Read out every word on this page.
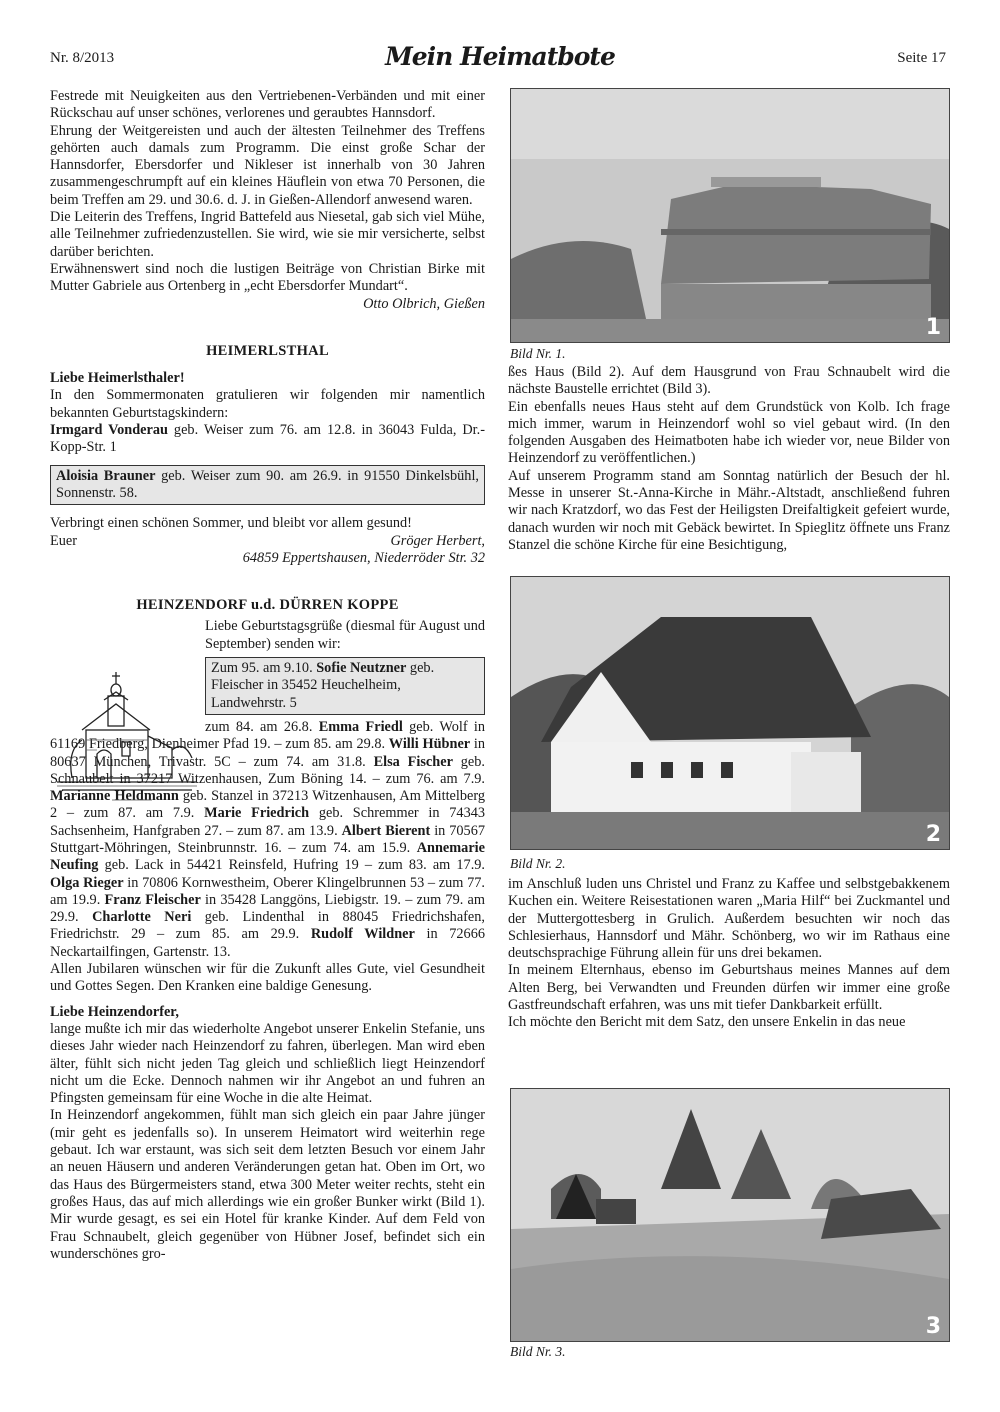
Nr. 8/2013	Mein Heimatbote	Seite 17

Festrede mit Neuigkeiten aus den Vertriebenen-Verbänden und mit einer Rückschau auf unser schönes, verlorenes und geraubtes Hannsdorf.

Ehrung der Weitgereisten und auch der ältesten Teilnehmer des Treffens gehörten auch damals zum Programm. Die einst große Schar der Hannsdorfer, Ebersdorfer und Nikleser ist innerhalb von 30 Jahren zusammengeschrumpft auf ein kleines Häuflein von etwa 70 Personen, die beim Treffen am 29. und 30.6. d. J. in Gießen-Allendorf anwesend waren.

Die Leiterin des Treffens, Ingrid Battefeld aus Niesetal, gab sich viel Mühe, alle Teilnehmer zufriedenzustellen. Sie wird, wie sie mir versicherte, selbst darüber berichten.

Erwähnenswert sind noch die lustigen Beiträge von Christian Birke mit Mutter Gabriele aus Ortenberg in „echt Ebersdorfer Mundart“.

Otto Olbrich, Gießen

HEIMERLSTHAL

Liebe Heimerlsthaler!

In den Sommermonaten gratulieren wir folgenden mir namentlich bekannten Geburtstagskindern:

Irmgard Vonderau geb. Weiser zum 76. am 12.8. in 36043 Fulda, Dr.-Kopp-Str. 1

Aloisia Brauner geb. Weiser zum 90. am 26.9. in 91550 Dinkelsbühl, Sonnenstr. 58.

Verbringt einen schönen Sommer, und bleibt vor allem gesund!

Euer	Gröger Herbert,

64859 Eppertshausen, Niederröder Str. 32

HEINZENDORF u.d. DÜRREN KOPPE

Liebe Geburtstagsgrüße (diesmal für August und September) senden wir:

Zum 95. am 9.10. Sofie Neutzner geb. Fleischer in 35452 Heuchelheim, Landwehrstr. 5

zum 84. am 26.8. Emma Friedl geb. Wolf in 61169 Friedberg, Dienheimer Pfad 19. – zum 85. am 29.8. Willi Hübner in 80637 München, Trivastr. 5C – zum 74. am 31.8. Elsa Fischer geb. Schnaubelt in 37217 Witzenhausen, Zum Böning 14. – zum 76. am 7.9. Marianne Heldmann geb. Stanzel in 37213 Witzenhausen, Am Mittelberg 2 – zum 87. am 7.9. Marie Friedrich geb. Schremmer in 74343 Sachsenheim, Hanfgraben 27. – zum 87. am 13.9. Albert Bierent in 70567 Stuttgart-Möhringen, Steinbrunnstr. 16. – zum 74. am 15.9. Annemarie Neufing geb. Lack in 54421 Reinsfeld, Hufring 19 – zum 83. am 17.9. Olga Rieger in 70806 Kornwestheim, Oberer Klingelbrunnen 53 – zum 77. am 19.9. Franz Fleischer in 35428 Langgöns, Liebigstr. 19. – zum 79. am 29.9. Charlotte Neri geb. Lindenthal in 88045 Friedrichshafen, Friedrichstr. 29 – zum 85. am 29.9. Rudolf Wildner in 72666 Neckartailfingen, Gartenstr. 13.

Allen Jubilaren wünschen wir für die Zukunft alles Gute, viel Gesundheit und Gottes Segen. Den Kranken eine baldige Genesung.

Liebe Heinzendorfer,

lange mußte ich mir das wiederholte Angebot unserer Enkelin Stefanie, uns dieses Jahr wieder nach Heinzendorf zu fahren, überlegen. Man wird eben älter, fühlt sich nicht jeden Tag gleich und schließlich liegt Heinzendorf nicht um die Ecke. Dennoch nahmen wir ihr Angebot an und fuhren an Pfingsten gemeinsam für eine Woche in die alte Heimat.

In Heinzendorf angekommen, fühlt man sich gleich ein paar Jahre jünger (mir geht es jedenfalls so). In unserem Heimatort wird weiterhin rege gebaut. Ich war erstaunt, was sich seit dem letzten Besuch vor einem Jahr an neuen Häusern und anderen Veränderungen getan hat. Oben im Ort, wo das Haus des Bürgermeisters stand, etwa 300 Meter weiter rechts, steht ein großes Haus, das auf mich allerdings wie ein großer Bunker wirkt (Bild 1). Mir wurde gesagt, es sei ein Hotel für kranke Kinder. Auf dem Feld von Frau Schnaubelt, gleich gegenüber von Hübner Josef, befindet sich ein wunderschönes gro-

1
Bild Nr. 1.

ßes Haus (Bild 2). Auf dem Hausgrund von Frau Schnaubelt wird die nächste Baustelle errichtet (Bild 3).

Ein ebenfalls neues Haus steht auf dem Grundstück von Kolb. Ich frage mich immer, warum in Heinzendorf wohl so viel gebaut wird. (In den folgenden Ausgaben des Heimatboten habe ich wieder vor, neue Bilder von Heinzendorf zu veröffentlichen.)

Auf unserem Programm stand am Sonntag natürlich der Besuch der hl. Messe in unserer St.-Anna-Kirche in Mähr.-Altstadt, anschließend fuhren wir nach Kratzdorf, wo das Fest der Heiligsten Dreifaltigkeit gefeiert wurde, danach wurden wir noch mit Gebäck bewirtet. In Spieglitz öffnete uns Franz Stanzel die schöne Kirche für eine Besichtigung,

2
Bild Nr. 2.

im Anschluß luden uns Christel und Franz zu Kaffee und selbstgebakkenem Kuchen ein. Weitere Reisestationen waren „Maria Hilf“ bei Zuckmantel und der Muttergottesberg in Grulich. Außerdem besuchten wir noch das Schlesierhaus, Hannsdorf und Mähr. Schönberg, wo wir im Rathaus eine deutschsprachige Führung allein für uns drei bekamen.

In meinem Elternhaus, ebenso im Geburtshaus meines Mannes auf dem Alten Berg, bei Verwandten und Freunden dürfen wir immer eine große Gastfreundschaft erfahren, was uns mit tiefer Dankbarkeit erfüllt.

Ich möchte den Bericht mit dem Satz, den unsere Enkelin in das neue

3
Bild Nr. 3.
